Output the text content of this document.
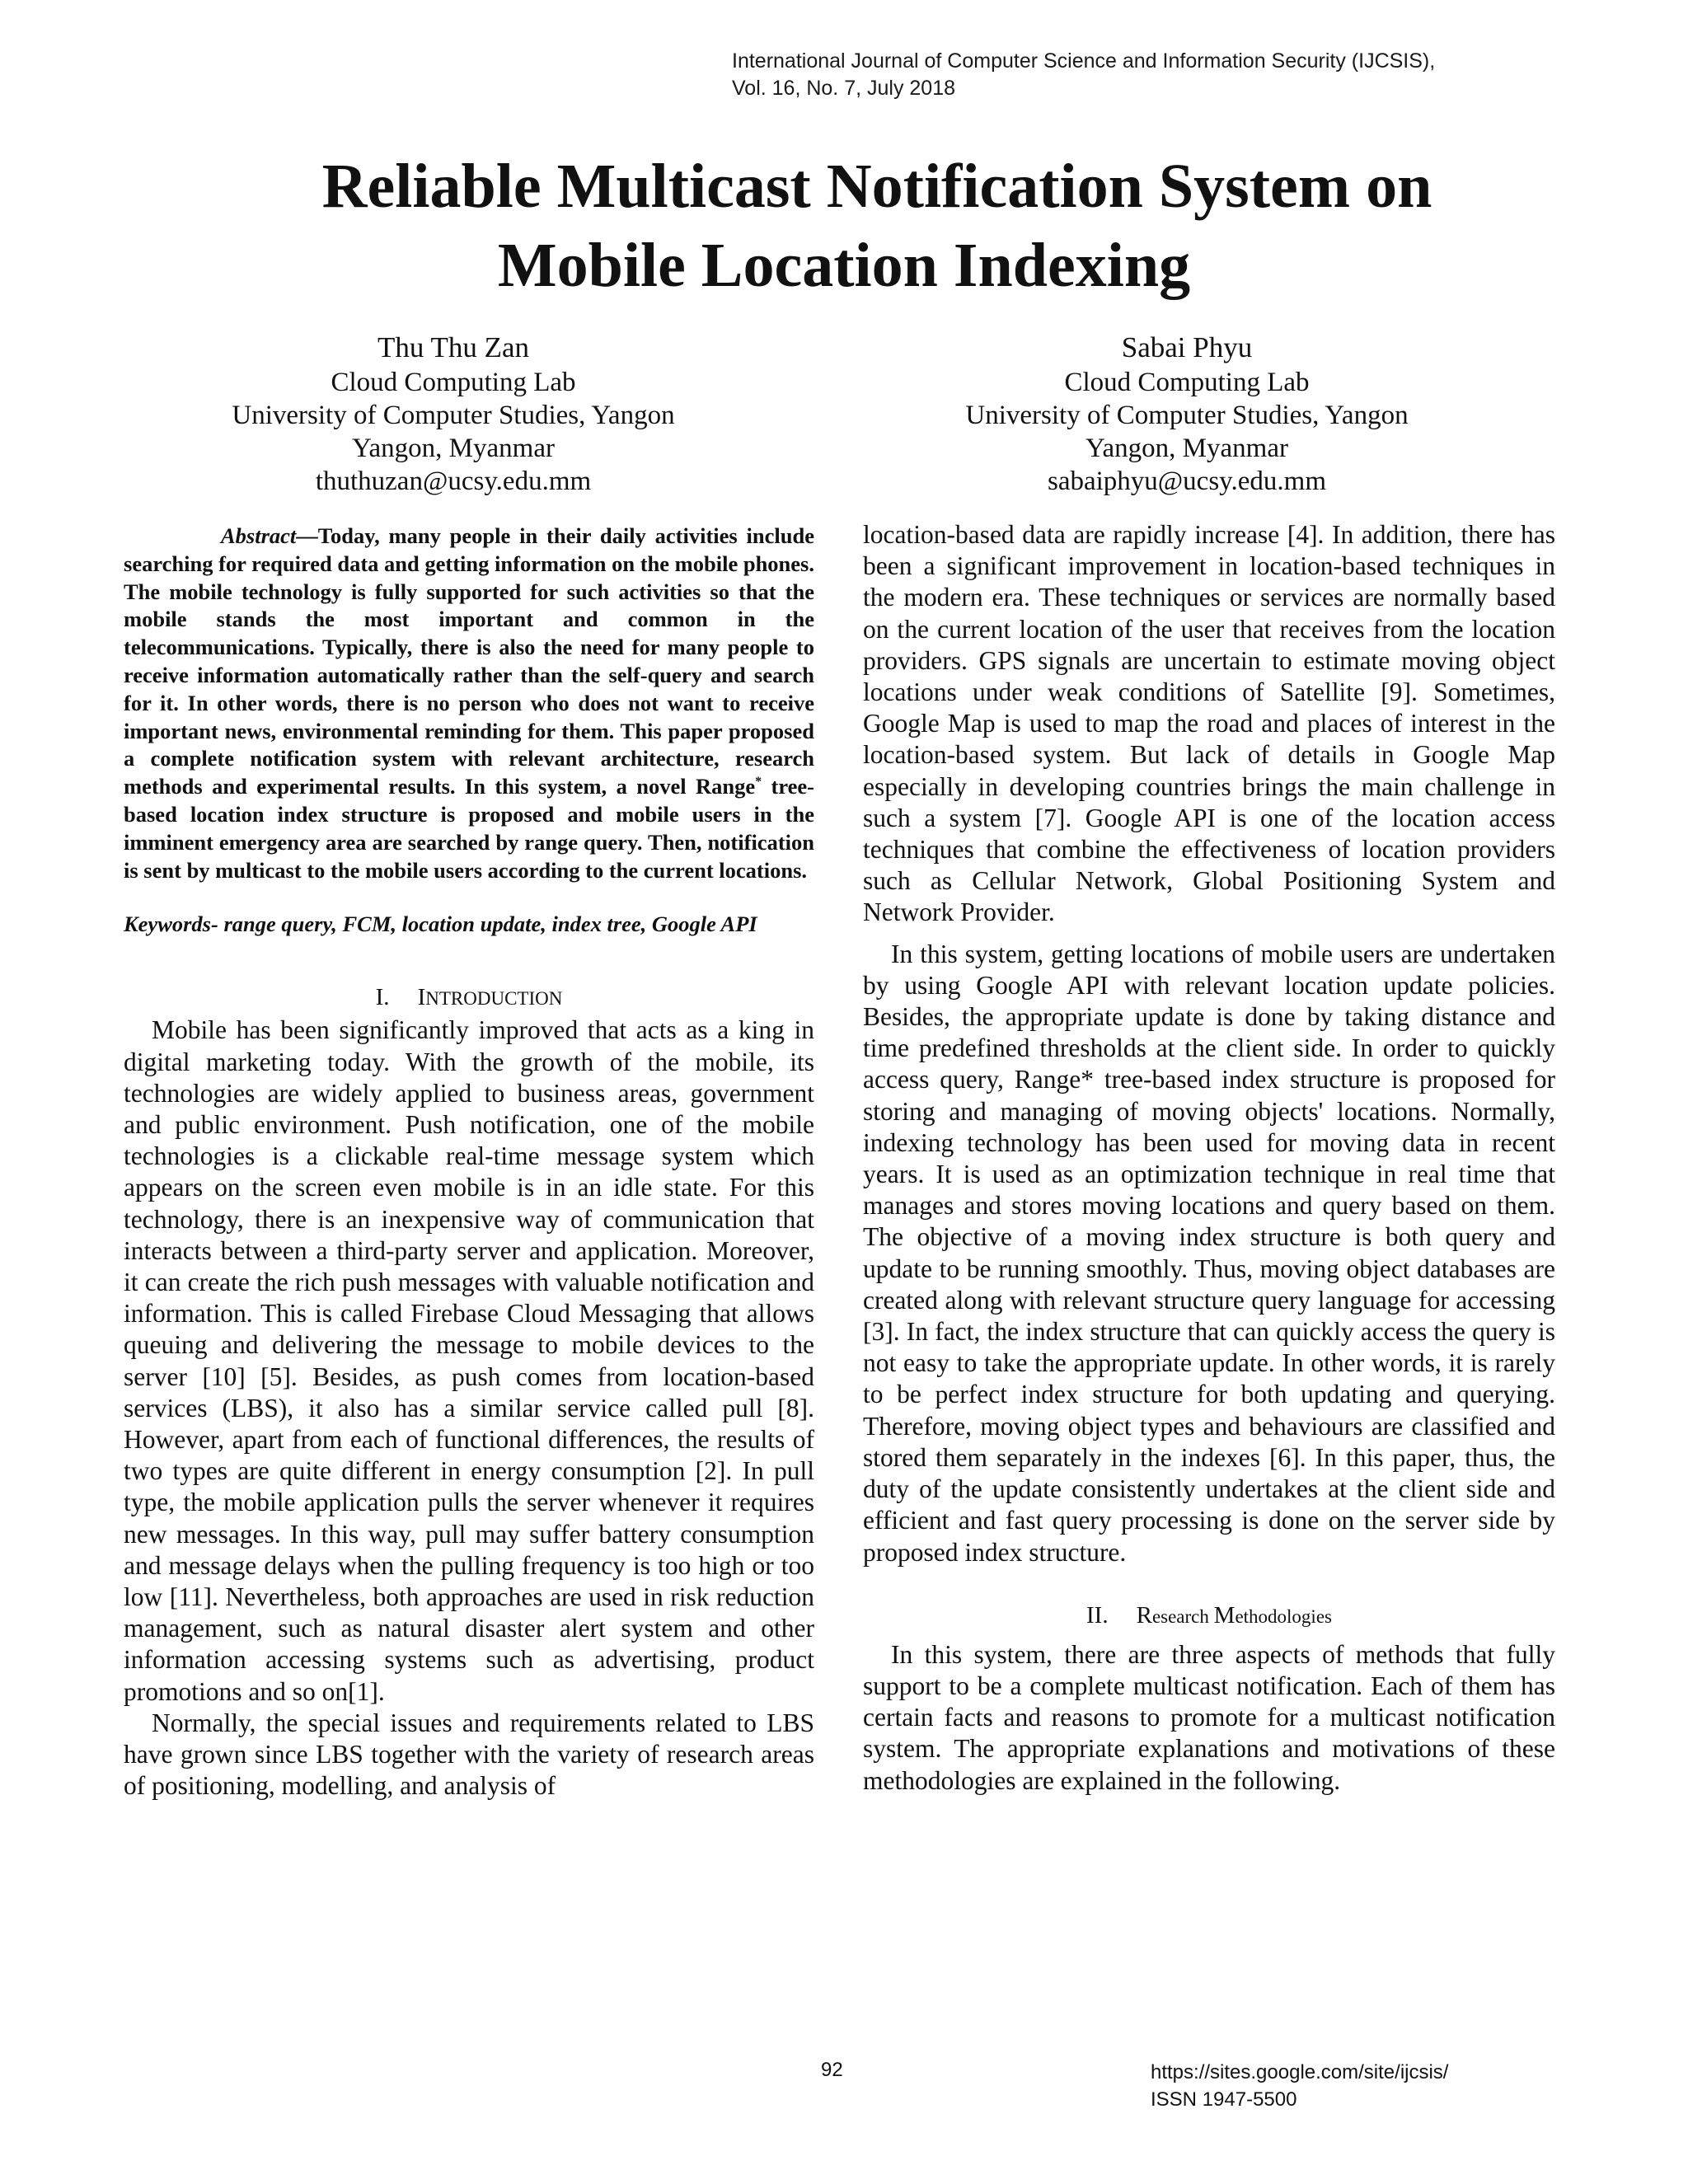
International Journal of Computer Science and Information Security (IJCSIS),
Vol. 16, No. 7, July 2018
Reliable Multicast Notification System on
Mobile Location Indexing
Thu Thu Zan
Cloud Computing Lab
University of Computer Studies, Yangon
Yangon, Myanmar
thuthuzan@ucsy.edu.mm
Sabai Phyu
Cloud Computing Lab
University of Computer Studies, Yangon
Yangon, Myanmar
sabaiphyu@ucsy.edu.mm

Abstract—Today, many people in their daily activities include searching for required data and getting information on the mobile phones. The mobile technology is fully supported for such activities so that the mobile stands the most important and common in the telecommunications. Typically, there is also the need for many people to receive information automatically rather than the self-query and search for it. In other words, there is no person who does not want to receive important news, environmental reminding for them. This paper proposed a complete notification system with relevant architecture, research methods and experimental results. In this system, a novel Range* tree- based location index structure is proposed and mobile users in the imminent emergency area are searched by range query. Then, notification is sent by multicast to the mobile users according to the current locations.

Keywords- range query, FCM, location update, index tree, Google API

I. INTRODUCTION

Mobile has been significantly improved that acts as a king in digital marketing today. With the growth of the mobile, its technologies are widely applied to business areas, government and public environment. Push notification, one of the mobile technologies is a clickable real-time message system which appears on the screen even mobile is in an idle state. For this technology, there is an inexpensive way of communication that interacts between a third-party server and application. Moreover, it can create the rich push messages with valuable notification and information. This is called Firebase Cloud Messaging that allows queuing and delivering the message to mobile devices to the server [10] [5]. Besides, as push comes from location-based services (LBS), it also has a similar service called pull [8]. However, apart from each of functional differences, the results of two types are quite different in energy consumption [2]. In pull type, the mobile application pulls the server whenever it requires new messages. In this way, pull may suffer battery consumption and message delays when the pulling frequency is too high or too low [11]. Nevertheless, both approaches are used in risk reduction management, such as natural disaster alert system and other information accessing systems such as advertising, product promotions and so on[1].

Normally, the special issues and requirements related to LBS have grown since LBS together with the variety of research areas of positioning, modelling, and analysis of

location-based data are rapidly increase [4]. In addition, there has been a significant improvement in location-based techniques in the modern era. These techniques or services are normally based on the current location of the user that receives from the location providers. GPS signals are uncertain to estimate moving object locations under weak conditions of Satellite [9]. Sometimes, Google Map is used to map the road and places of interest in the location-based system. But lack of details in Google Map especially in developing countries brings the main challenge in such a system [7]. Google API is one of the location access techniques that combine the effectiveness of location providers such as Cellular Network, Global Positioning System and Network Provider.

In this system, getting locations of mobile users are undertaken by using Google API with relevant location update policies. Besides, the appropriate update is done by taking distance and time predefined thresholds at the client side. In order to quickly access query, Range* tree-based index structure is proposed for storing and managing of moving objects' locations. Normally, indexing technology has been used for moving data in recent years. It is used as an optimization technique in real time that manages and stores moving locations and query based on them. The objective of a moving index structure is both query and update to be running smoothly. Thus, moving object databases are created along with relevant structure query language for accessing [3]. In fact, the index structure that can quickly access the query is not easy to take the appropriate update. In other words, it is rarely to be perfect index structure for both updating and querying. Therefore, moving object types and behaviours are classified and stored them separately in the indexes [6]. In this paper, thus, the duty of the update consistently undertakes at the client side and efficient and fast query processing is done on the server side by proposed index structure.

II. Research Methodologies

In this system, there are three aspects of methods that fully support to be a complete multicast notification. Each of them has certain facts and reasons to promote for a multicast notification system. The appropriate explanations and motivations of these methodologies are explained in the following.

92	https://sites.google.com/site/ijcsis/
ISSN 1947-5500
